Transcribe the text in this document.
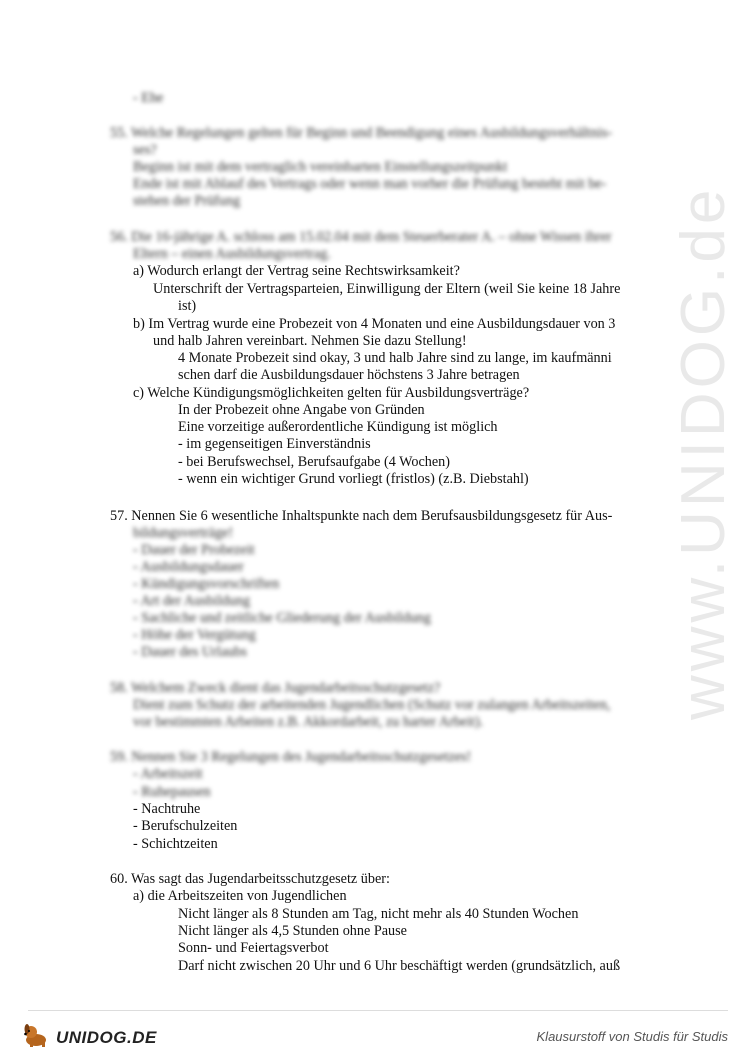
www.UNIDOG.de
- Ehe
55. Welche Regelungen gelten für Beginn und Beendigung eines Ausbildungsverhältnis-
ses?
Beginn ist mit dem vertraglich vereinbarten Einstellungszeitpunkt
Ende ist mit Ablauf des Vertrags oder wenn man vorher die Prüfung besteht mit be-
stehen der Prüfung
56. Die 16-jährige A. schloss am 15.02.04 mit dem Steuerberater A. – ohne Wissen ihrer
Eltern – einen Ausbildungsvertrag.
a) Wodurch erlangt der Vertrag seine Rechtswirksamkeit?
Unterschrift der Vertragsparteien, Einwilligung der Eltern (weil Sie keine 18 Jahre
ist)
b) Im Vertrag wurde eine Probezeit von 4 Monaten und eine Ausbildungsdauer von 3
und halb Jahren vereinbart. Nehmen Sie dazu Stellung!
4 Monate Probezeit sind okay, 3 und halb Jahre sind zu lange, im kaufmänni
schen darf die Ausbildungsdauer höchstens 3 Jahre betragen
c) Welche Kündigungsmöglichkeiten gelten für Ausbildungsverträge?
In der Probezeit ohne Angabe von Gründen
Eine vorzeitige außerordentliche Kündigung ist möglich
- im gegenseitigen Einverständnis
- bei Berufswechsel, Berufsaufgabe (4 Wochen)
- wenn ein wichtiger Grund vorliegt (fristlos) (z.B. Diebstahl)
57. Nennen Sie 6 wesentliche Inhaltspunkte nach dem Berufsausbildungsgesetz für Aus-
bildungsverträge!
- Dauer der Probezeit
- Ausbildungsdauer
- Kündigungsvorschriften
- Art der Ausbildung
- Sachliche und zeitliche Gliederung der Ausbildung
- Höhe der Vergütung
- Dauer des Urlaubs
58. Welchem Zweck dient das Jugendarbeitsschutzgesetz?
Dient zum Schutz der arbeitenden Jugendlichen (Schutz vor zulangen Arbeitszeiten,
vor bestimmten Arbeiten z.B. Akkordarbeit, zu harter Arbeit).
59. Nennen Sie 3 Regelungen des Jugendarbeitsschutzgesetzes!
- Arbeitszeit
- Ruhepausen
- Nachtruhe
- Berufschulzeiten
- Schichtzeiten
60. Was sagt das Jugendarbeitsschutzgesetz über:
a) die Arbeitszeiten von Jugendlichen
Nicht länger als 8 Stunden am Tag, nicht mehr als 40 Stunden Wochen
Nicht länger als 4,5 Stunden ohne Pause
Sonn- und Feiertagsverbot
Darf nicht zwischen 20 Uhr und 6 Uhr beschäftigt werden (grundsätzlich, auß
UNIDOG.DE	Klausurstoff von Studis für Studis
